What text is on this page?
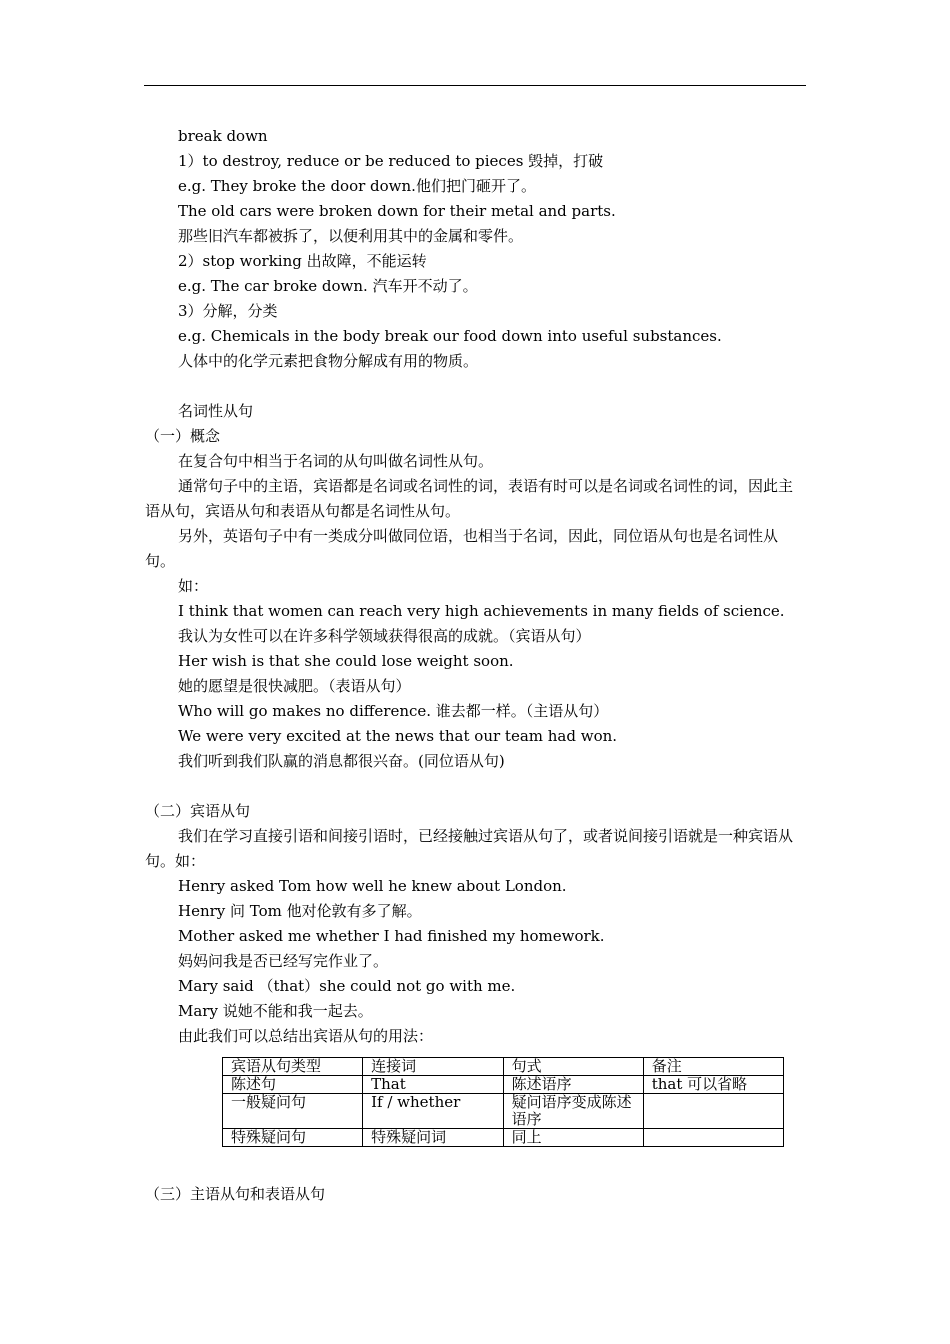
break down

1）to destroy, reduce or be reduced to pieces 毁掉，打破

e.g. They broke the door down.他们把门砸开了。

The old cars were broken down for their metal and parts.

那些旧汽车都被拆了，以便利用其中的金属和零件。

2）stop working 出故障，不能运转

e.g. The car broke down. 汽车开不动了。

3）分解，分类

e.g. Chemicals in the body break our food down into useful substances.

人体中的化学元素把食物分解成有用的物质。

名词性从句

（一）概念

在复合句中相当于名词的从句叫做名词性从句。

通常句子中的主语，宾语都是名词或名词性的词，表语有时可以是名词或名词性的词，因此主语从句，宾语从句和表语从句都是名词性从句。

另外，英语句子中有一类成分叫做同位语，也相当于名词，因此，同位语从句也是名词性从句。

如：

I think that women can reach very high achievements in many fields of science.

我认为女性可以在许多科学领域获得很高的成就。（宾语从句）

Her wish is that she could lose weight soon.

她的愿望是很快减肥。（表语从句）

Who will go makes no difference. 谁去都一样。（主语从句）

We were very excited at the news that our team had won.

我们听到我们队赢的消息都很兴奋。(同位语从句)

（二）宾语从句

我们在学习直接引语和间接引语时，已经接触过宾语从句了，或者说间接引语就是一种宾语从句。如：

Henry asked Tom how well he knew about London.

Henry 问 Tom 他对伦敦有多了解。

Mother asked me whether I had finished my homework.

妈妈问我是否已经写完作业了。

Mary said （that）she could not go with me.

Mary 说她不能和我一起去。

由此我们可以总结出宾语从句的用法：

宾语从句类型	连接词	句式	备注
陈述句	That	陈述语序	that 可以省略
一般疑问句	If / whether	疑问语序变成陈述语序	
特殊疑问句	特殊疑问词	同上	

（三）主语从句和表语从句
